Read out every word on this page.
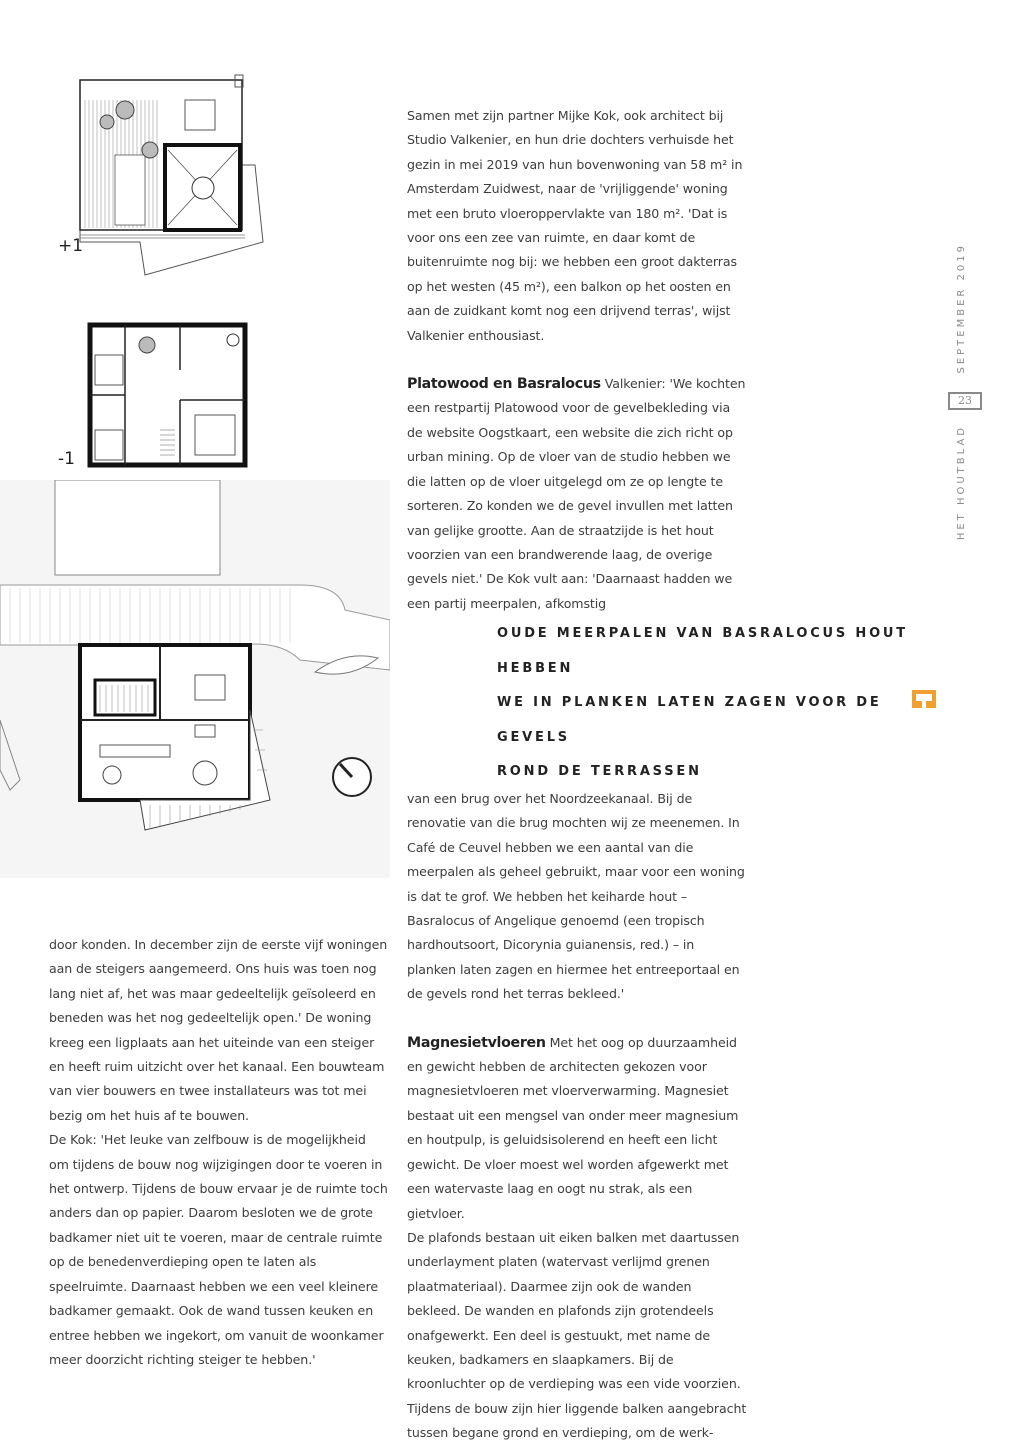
+1
-1

Samen met zijn partner Mijke Kok, ook architect bij Studio Valkenier, en hun drie dochters verhuisde het gezin in mei 2019 van hun bovenwoning van 58 m² in Amsterdam Zuidwest, naar de 'vrijliggende' woning met een bruto vloeroppervlakte van 180 m². 'Dat is voor ons een zee van ruimte, en daar komt de buitenruimte nog bij: we hebben een groot dakterras op het westen (45 m²), een balkon op het oosten en aan de zuidkant komt nog een drijvend terras', wijst Valkenier enthousiast.

Platowood en Basralocus Valkenier: 'We kochten een restpartij Platowood voor de gevelbekleding via de website Oogstkaart, een website die zich richt op urban mining. Op de vloer van de studio hebben we die latten op de vloer uitgelegd om ze op lengte te sorteren. Zo konden we de gevel invullen met latten van gelijke grootte. Aan de straatzijde is het hout voorzien van een brandwerende laag, de overige gevels niet.' De Kok vult aan: 'Daarnaast hadden we een partij meerpalen, afkomstig

SEPTEMBER 2019
23
HET HOUTBLAD
OUDE MEERPALEN VAN BASRALOCUS HOUT HEBBEN
WE IN PLANKEN LATEN ZAGEN VOOR DE GEVELS
ROND DE TERRASSEN

van een brug over het Noordzeekanaal. Bij de renovatie van die brug mochten wij ze meenemen. In Café de Ceuvel hebben we een aantal van die meerpalen als geheel gebruikt, maar voor een woning is dat te grof. We hebben het keiharde hout – Basralocus of Angelique genoemd (een tropisch hardhoutsoort, Dicorynia guianensis, red.) – in planken laten zagen en hiermee het entreeportaal en de gevels rond het terras bekleed.'

Magnesietvloeren Met het oog op duurzaamheid en gewicht hebben de architecten gekozen voor magnesietvloeren met vloerverwarming. Magnesiet bestaat uit een mengsel van onder meer magnesium en houtpulp, is geluidsisolerend en heeft een licht gewicht. De vloer moest wel worden afgewerkt met een watervaste laag en oogt nu strak, als een gietvloer.

De plafonds bestaan uit eiken balken met daartussen underlayment platen (watervast verlijmd grenen plaatmateriaal). Daarmee zijn ook de wanden bekleed. De wanden en plafonds zijn grotendeels onafgewerkt. Een deel is gestuukt, met name de keuken, badkamers en slaapkamers. Bij de kroonluchter op de verdieping was een vide voorzien. Tijdens de bouw zijn hier liggende balken aangebracht tussen begane grond en verdieping, om de werk-

door konden. In december zijn de eerste vijf woningen aan de steigers aangemeerd. Ons huis was toen nog lang niet af, het was maar gedeeltelijk geïsoleerd en beneden was het nog gedeeltelijk open.' De woning kreeg een ligplaats aan het uiteinde van een steiger en heeft ruim uitzicht over het kanaal. Een bouwteam van vier bouwers en twee installateurs was tot mei bezig om het huis af te bouwen.

De Kok: 'Het leuke van zelfbouw is de mogelijkheid om tijdens de bouw nog wijzigingen door te voeren in het ontwerp. Tijdens de bouw ervaar je de ruimte toch anders dan op papier. Daarom besloten we de grote badkamer niet uit te voeren, maar de centrale ruimte op de benedenverdieping open te laten als speelruimte. Daarnaast hebben we een veel kleinere badkamer gemaakt. Ook de wand tussen keuken en entree hebben we ingekort, om vanuit de woonkamer meer doorzicht richting steiger te hebben.'
